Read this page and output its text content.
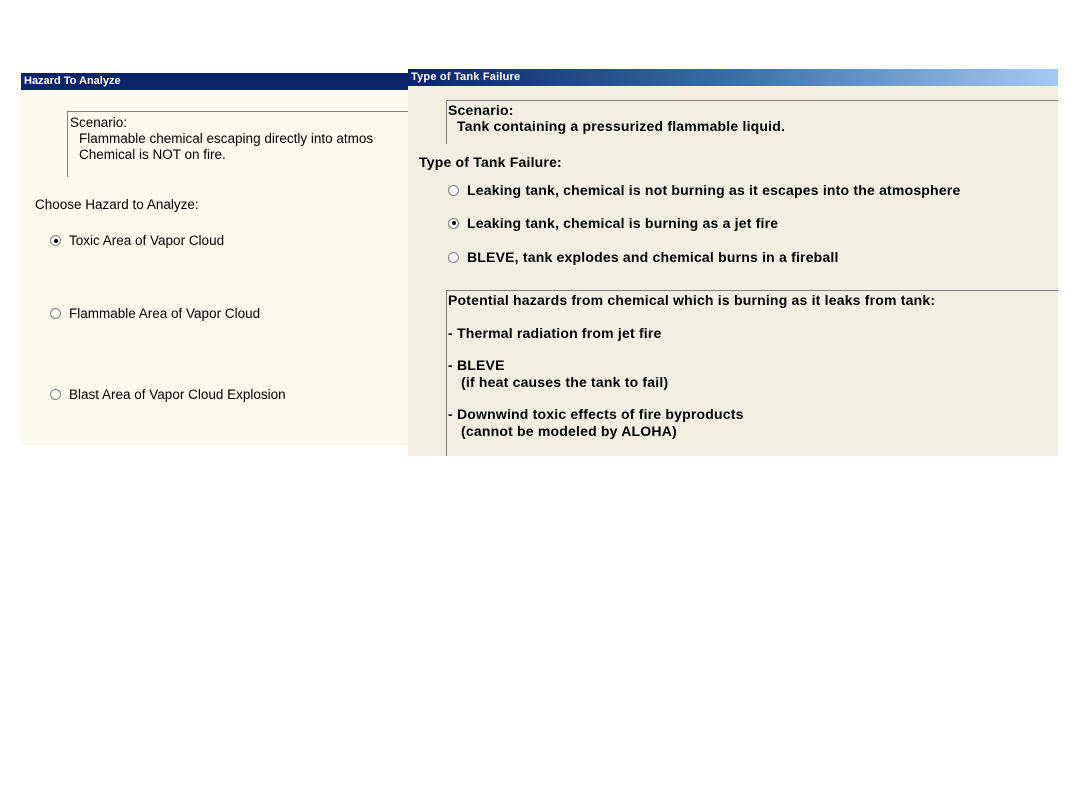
Hazard To Analyze
Scenario:
Flammable chemical escaping directly into atmos
Chemical is NOT on fire.
Choose Hazard to Analyze:
Toxic Area of Vapor Cloud
Flammable Area of Vapor Cloud
Blast Area of Vapor Cloud Explosion
Type of Tank Failure
Scenario:
Tank containing a pressurized flammable liquid.
Type of Tank Failure:
Leaking tank, chemical is not burning as it escapes into the atmosphere
Leaking tank, chemical is burning as a jet fire
BLEVE, tank explodes and chemical burns in a fireball
Potential hazards from chemical which is burning as it leaks from tank:
- Thermal radiation from jet fire
- BLEVE
(if heat causes the tank to fail)
- Downwind toxic effects of fire byproducts
(cannot be modeled by ALOHA)
